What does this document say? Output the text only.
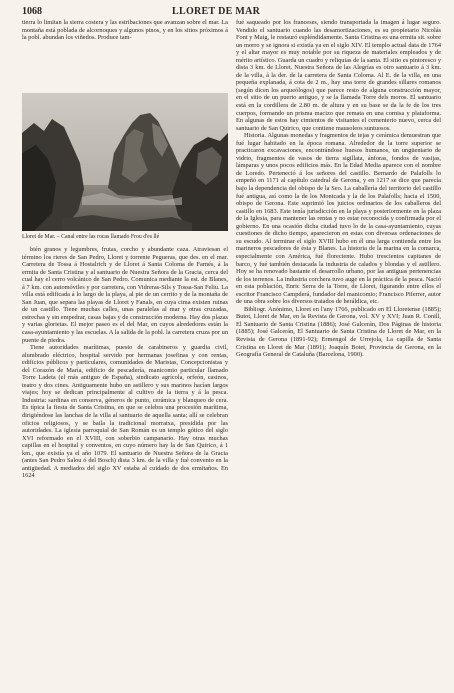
1068	LLORET DE MAR

tierra lo limitan la sierra costera y las estribaciones que avanzan sobre el mar. La montaña está poblada de alcornoques y algunos pinos, y en los sitios próximos á la pobl. abundan los viñedos. Produce tam-

Lloret de Mar. – Canal entre las rocas llamado Frou d'es llé

bién granos y legumbres, frutas, corcho y abundante caza. Atraviesan el término los rieres de San Pedro, Lloret y torrente Pegueras, que des. en el mar. Carretera de Tossa á Hostalrich y de Lloret á Santa Coloma de Farnés, á la ermita de Santa Cristina y al santuario de Nuestra Señora de la Gracia, cerca del cual hay el cerro volcánico de San Pedro. Comunica mediante la est. de Blanes, á 7 km. con automóviles y por carretera, con Vidreras-Sils y Tossa-San Feliu. La villa está edificada á lo largo de la playa, al pie de un cerrito y de la montaña de San Juan, que separa las playas de Lloret y Fanals, en cuya cima existen ruinas de un castillo. Tiene muchas calles, unas paralelas al mar y otras cruzadas, estrechas y sin empedrar, casas bajas y de construcción moderna. Hay dos plazas y varias glorietas. El mejor paseo es el del Mar, en cuyos alrededores están la casa-ayuntamiento y las escuelas. A la salida de la pobl. la carretera cruza por un puente de piedra.

Tiene autoridades marítimas, puesto de carabineros y guardia civil, alumbrado eléctrico, hospital servido por hermanas josefinas y con rentas, edificios públicos y particulares, comunidades de Maristas, Concepcionistas y del Corazón de María, edificio de pescadería, manicomio particular llamado Torre Ladeta (el más antiguo de España), sindicato agrícola, orfeón, casinos, teatro y dos cines. Antiguamente hubo un astillero y sus marinos hacían largos viajes; hoy se dedican principalmente al cultivo de la tierra y á la pesca. Industria: sardinas en conserva, géneros de punto, cerámica y blanqueo de cera. Es típica la fiesta de Santa Cristina, en que se celebra una procesión marítima, dirigiéndose las lanchas de la villa al santuario de aquella santa; allí se celebran oficios religiosos, y se baila la tradicional morratxa, presidida por las autoridades. La iglesia parroquial de San Román es un templo gótico del siglo XVI reformado en el XVIII, con soberbio campanario. Hay otras muchas capillas en el hospital y conventos, en cuyo número hay la de San Quirico, á 1 km., que existía ya el año 1079. El santuario de Nuestra Señora de la Gracia (antes San Pedro Salou ó del Bosch) dista 3 km. de la villa y fué convento en la antigüedad. A mediados del siglo XV estaba al cuidado de dos ermitaños. En 1624

fué saqueado por los franceses, siendo transportada la imagen á lugar seguro. Vendido el santuario cuando las desamortizaciones, es su propietario Nicolás Font y Maig, le restauró espléndidamente. Santa Cristina es una ermita sit. sobre un morro y se ignora si existía ya en el siglo XIV. El templo actual data de 1764 y el altar mayor es muy notable por su riqueza de materiales empleados y de mérito artístico. Guarda un cuadro y reliquias de la santa. El sitio es pintoresco y dista 3 km. de Lloret. Nuestra Señora de las Alegrías es otro santuario á 3 km. de la villa, á la der. de la carretera de Santa Coloma. Al E. de la villa, en una pequeña explanada, á cota de 2 m., hay una torre de grandes sillares romanos (según dicen los arqueólogos) que parece resto de alguna construcción mayor, en el sitio de un puerto antiguo, y se la llamada Torre dels moros. El santuario está en la cordillera de 2.80 m. de altura y en su base se da la fe de los tres cuerpos, formando un prisma macizo que remata en una cornisa y plataforma. En algunas de estos hay cimientos de visitantes el cementerio nuevo, cerca del santuario de San Quirico, que contiene mausoleos suntuosos.

Historia. Algunas monedas y fragmentos de tejas y cerámica demuestran que fué lugar habitado en la época romana. Alrededor de la torre superior se practicaron excavaciones, encontrándose huesos humanos, un ungüentario de vidrio, fragmentos de vasos de tierra sigillata, ánforas, fondos de vasijas, lámparas y unos pocos edificios más. En la Edad Media aparece con el nombre de Loredo. Perteneció á los señores del castillo. Bernardo de Palafolls lo empeñó en 1171 al capítulo catedral de Gerona, y en 1217 se dice que parecía bajo la dependencia del obispo de la Seo. La caballería del territorio del castillo fué antigua, así como la de los Montcada y la de los Palafolls; hacia el 1500, obispo de Gerona. Este suprimió los juicios ordinarios de los caballeros del castillo en 1683. Este tenía jurisdicción en la playa y posteriormente en la plaza de la Iglesia, para mantener las rentas y no estar reconocida y confirmada por el gobierno. En una ocasión dicha ciudad tuvo lo de la casa-ayuntamiento, cuyas cuestiones de dicho tiempo, aparecieron en estas con diversas ordenaciones de su escudo. Al terminar el siglo XVIII hubo en él una larga contienda entre los marineros pescadores de ésta y Blanes. La historia de la marina en la comarca, especialmente con América, fué floreciente. Hubo trescientos capitanes de barco, y fué también destacada la industria de calados y blondas y el astillero. Hoy se ha renovado bastante el desarrollo urbano, por las antiguas pertenencias de los terrenos. La industria corchera tuvo auge en la práctica de la pesca. Nació en esta población, Enric Serra de la Torre, de Lloret, figurando entre ellos el escritor Francisco Campderá, fundador del manicomio; Francisco Piferrer, autor de una obra sobre los diversos tratados de heráldica, etc.

Bibliogr. Anónimo, Lloret en l'any 1766, publicado en El Lloretense (1885); Butot, Lloret de Mar, en la Revista de Gerona, vol. XV y XVI; Juan R. Conill, El Santuario de Santa Cristina (1886); José Galcerán, Dos Páginas de historia (1885); José Galcerán, El Santuario de Santa Cristina de Lloret de Mar, en la Revista de Gerona (1891-92); Ermengol de Urrejola, La capilla de Santa Cristina en Lloret de Mar (1891); Joaquín Botet, Provincia de Gerona, en la Geografía General de Cataluña (Barcelona, 1900).
